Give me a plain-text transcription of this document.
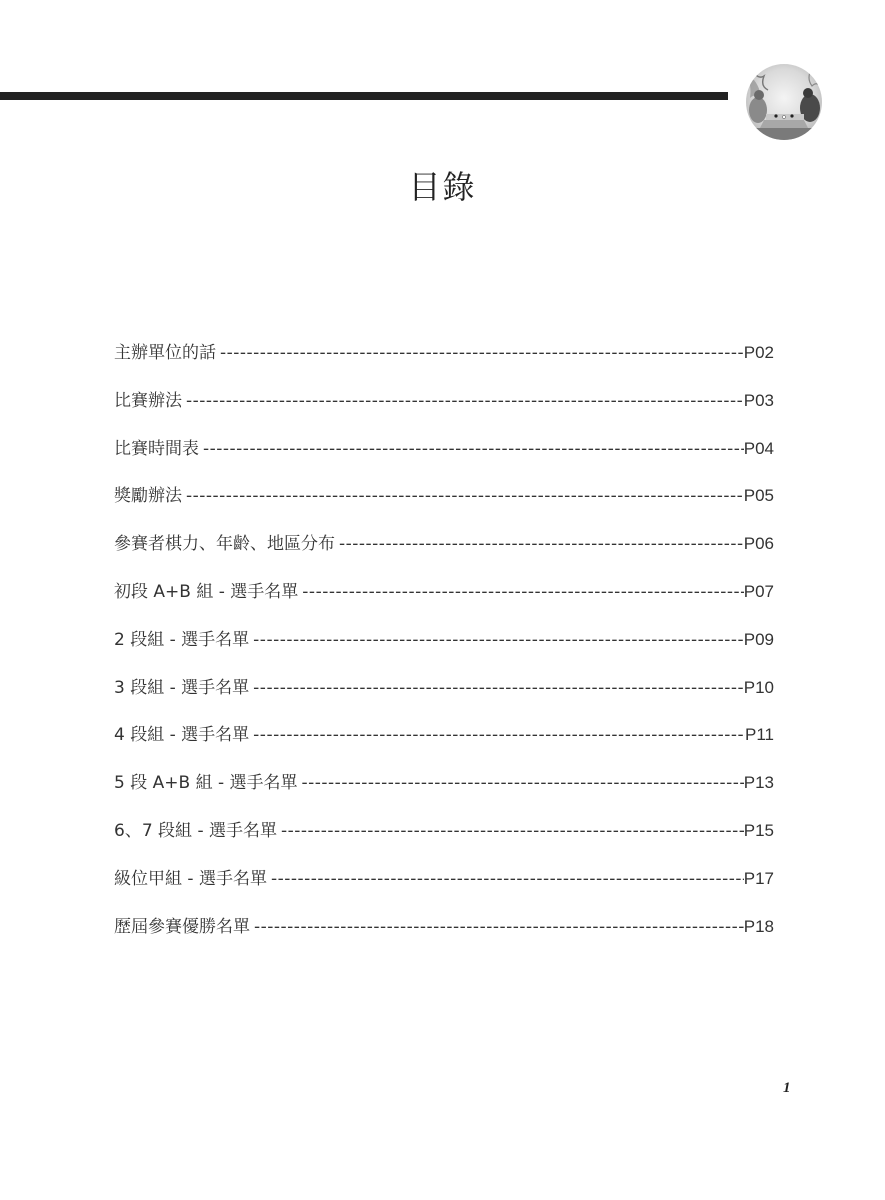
目錄
主辦單位的話 -----	P02
比賽辦法 -----	P03
比賽時間表 -----	P04
獎勵辦法 -----	P05
參賽者棋力、年齡、地區分布 -----	P06
初段 A+B 組 - 選手名單 -----	P07
2 段組 - 選手名單 -----	P09
3 段組 - 選手名單 -----	P10
4 段組 - 選手名單 -----	P11
5 段 A+B 組 - 選手名單 -----	P13
6、7 段組 - 選手名單 -----	P15
級位甲組 - 選手名單 -----	P17
歷屆參賽優勝名單 -----	P18
1
